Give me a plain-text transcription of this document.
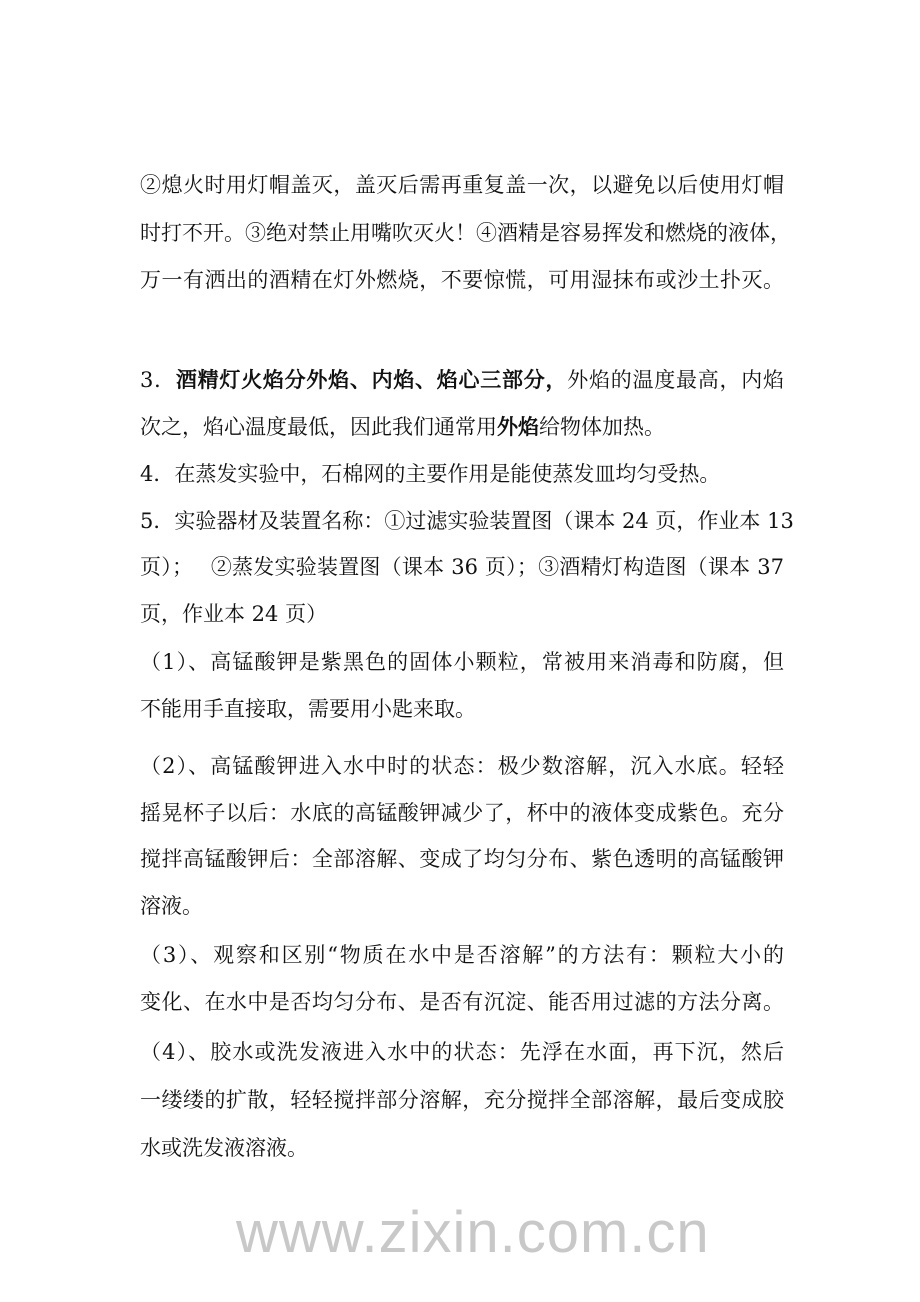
②熄火时用灯帽盖灭，盖灭后需再重复盖一次，以避免以后使用灯帽
时打不开。③绝对禁止用嘴吹灭火！④酒精是容易挥发和燃烧的液体，
万一有洒出的酒精在灯外燃烧，不要惊慌，可用湿抹布或沙土扑灭。
3．酒精灯火焰分外焰、内焰、焰心三部分，外焰的温度最高，内焰
次之，焰心温度最低，因此我们通常用外焰给物体加热。
4．在蒸发实验中，石棉网的主要作用是能使蒸发皿均匀受热。
5．实验器材及装置名称：①过滤实验装置图（课本 24 页，作业本 13
页）；　 ②蒸发实验装置图（课本 36 页）；③酒精灯构造图（课本 37
页，作业本 24 页）
（1）、高锰酸钾是紫黑色的固体小颗粒，常被用来消毒和防腐，但
不能用手直接取，需要用小匙来取。
（2）、高锰酸钾进入水中时的状态：极少数溶解，沉入水底。轻轻
摇晃杯子以后：水底的高锰酸钾减少了，杯中的液体变成紫色。充分
搅拌高锰酸钾后：全部溶解、变成了均匀分布、紫色透明的高锰酸钾
溶液。
（3）、观察和区别“物质在水中是否溶解”的方法有：颗粒大小的
变化、在水中是否均匀分布、是否有沉淀、能否用过滤的方法分离。
（4）、胶水或洗发液进入水中的状态：先浮在水面，再下沉，然后
一缕缕的扩散，轻轻搅拌部分溶解，充分搅拌全部溶解，最后变成胶
水或洗发液溶液。
www.zixin.com.cn
